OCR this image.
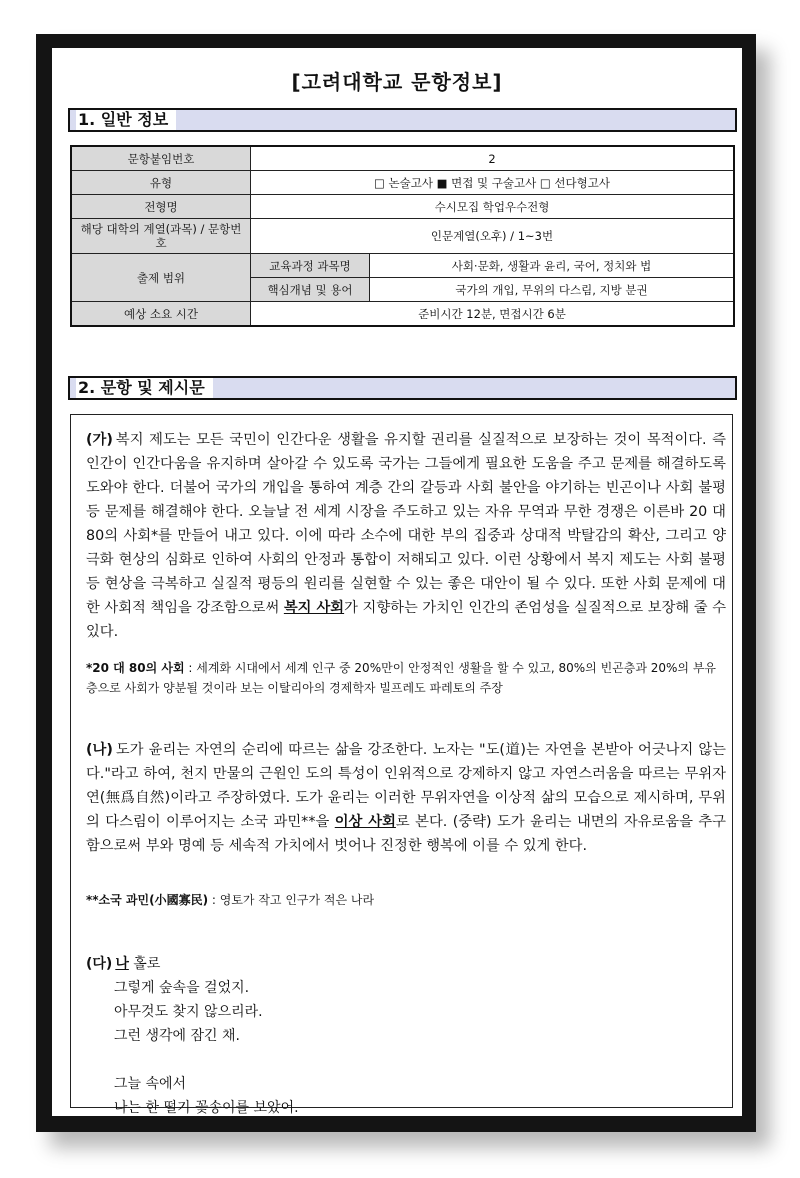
[고려대학교 문항정보]
1. 일반 정보
문항붙임번호	2	
유형	□ 논술고사 ■ 면접 및 구술고사 □ 선다형고사	
전형명	수시모집 학업우수전형	
해당 대학의 계열(과목) / 문항번호	인문계열(오후) / 1~3번	
출제 범위	교육과정 과목명	사회·문화, 생활과 윤리, 국어, 정치와 법
	핵심개념 및 용어	국가의 개입, 무위의 다스림, 지방 분권
예상 소요 시간	준비시간 12분, 면접시간 6분	
2. 문항 및 제시문
(가) 복지 제도는 모든 국민이 인간다운 생활을 유지할 권리를 실질적으로 보장하는 것이 목적이다. 즉 인간이 인간다움을 유지하며 살아갈 수 있도록 국가는 그들에게 필요한 도움을 주고 문제를 해결하도록 도와야 한다. 더불어 국가의 개입을 통하여 계층 간의 갈등과 사회 불안을 야기하는 빈곤이나 사회 불평등 문제를 해결해야 한다. 오늘날 전 세계 시장을 주도하고 있는 자유 무역과 무한 경쟁은 이른바 20 대 80의 사회*를 만들어 내고 있다. 이에 따라 소수에 대한 부의 집중과 상대적 박탈감의 확산, 그리고 양극화 현상의 심화로 인하여 사회의 안정과 통합이 저해되고 있다. 이런 상황에서 복지 제도는 사회 불평등 현상을 극복하고 실질적 평등의 원리를 실현할 수 있는 좋은 대안이 될 수 있다. 또한 사회 문제에 대한 사회적 책임을 강조함으로써 복지 사회가 지향하는 가치인 인간의 존엄성을 실질적으로 보장해 줄 수 있다.
*20 대 80의 사회 : 세계화 시대에서 세계 인구 중 20%만이 안정적인 생활을 할 수 있고, 80%의 빈곤층과 20%의 부유층으로 사회가 양분될 것이라 보는 이탈리아의 경제학자 빌프레도 파레토의 주장
(나) 도가 윤리는 자연의 순리에 따르는 삶을 강조한다. 노자는 "도(道)는 자연을 본받아 어긋나지 않는다."라고 하여, 천지 만물의 근원인 도의 특성이 인위적으로 강제하지 않고 자연스러움을 따르는 무위자연(無爲自然)이라고 주장하였다. 도가 윤리는 이러한 무위자연을 이상적 삶의 모습으로 제시하며, 무위의 다스림이 이루어지는 소국 과민**을 이상 사회로 본다. (중략) 도가 윤리는 내면의 자유로움을 추구함으로써 부와 명예 등 세속적 가치에서 벗어나 진정한 행복에 이를 수 있게 한다.
**소국 과민(小國寡民) : 영토가 작고 인구가 적은 나라
(다) 나 홀로
그렇게 숲속을 걸었지.
아무것도 찾지 않으리라.
그런 생각에 잠긴 채.
그늘 속에서
나는 한 떨기 꽃송이를 보았어.
